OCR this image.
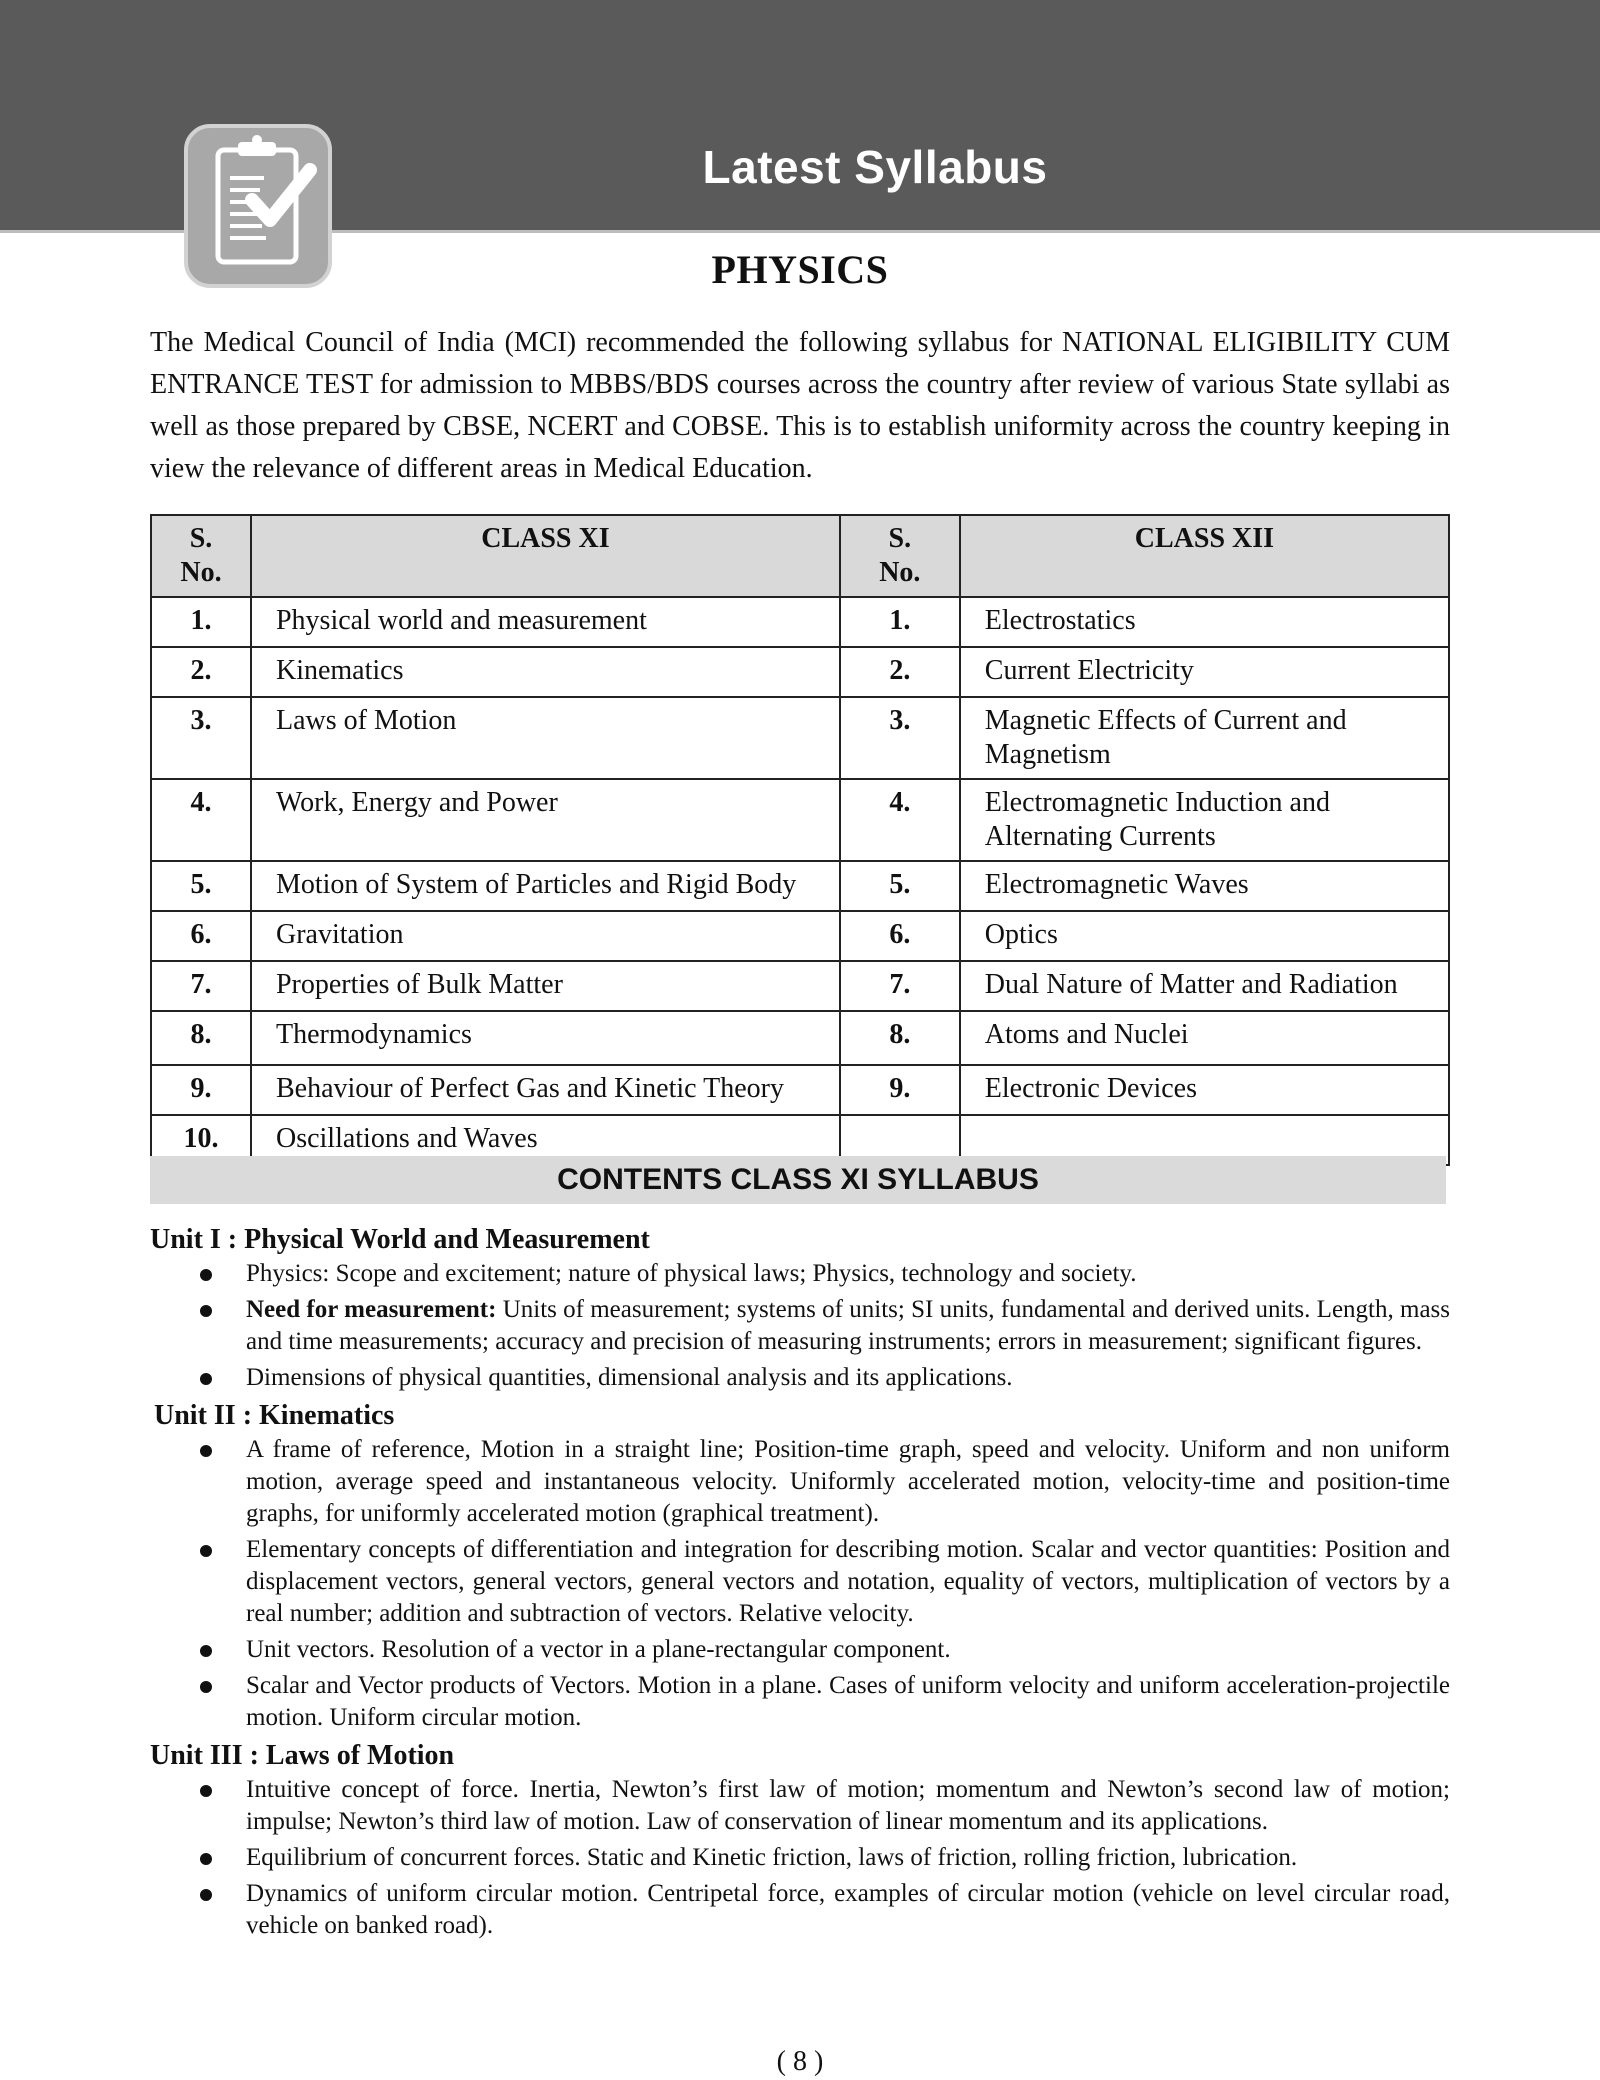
Latest Syllabus
PHYSICS

The Medical Council of India (MCI) recommended the following syllabus for NATIONAL ELIGIBILITY CUM ENTRANCE TEST for admission to MBBS/BDS courses across the country after review of various State syllabi as well as those prepared by CBSE, NCERT and COBSE. This is to establish uniformity across the country keeping in view the relevance of different areas in Medical Education.

S. No.	CLASS XI	S. No.	CLASS XII
1.	Physical world and measurement	1.	Electrostatics
2.	Kinematics	2.	Current Electricity
3.	Laws of Motion	3.	Magnetic Effects of Current and Magnetism
4.	Work, Energy and Power	4.	Electromagnetic Induction and Alternating Currents
5.	Motion of System of Particles and Rigid Body	5.	Electromagnetic Waves
6.	Gravitation	6.	Optics
7.	Properties of Bulk Matter	7.	Dual Nature of Matter and Radiation
8.	Thermodynamics	8.	Atoms and Nuclei
9.	Behaviour of Perfect Gas and Kinetic Theory	9.	Electronic Devices
10.	Oscillations and Waves		
CONTENTS CLASS XI SYLLABUS
Unit I : Physical World and Measurement
Physics: Scope and excitement; nature of physical laws; Physics, technology and society.
Need for measurement: Units of measurement; systems of units; SI units, fundamental and derived units. Length, mass and time measurements; accuracy and precision of measuring instruments; errors in measurement; significant figures.
Dimensions of physical quantities, dimensional analysis and its applications.
Unit II : Kinematics
A frame of reference, Motion in a straight line; Position-time graph, speed and velocity. Uniform and non uniform motion, average speed and instantaneous velocity. Uniformly accelerated motion, velocity-time and position-time graphs, for uniformly accelerated motion (graphical treatment).
Elementary concepts of differentiation and integration for describing motion. Scalar and vector quantities: Position and displacement vectors, general vectors, general vectors and notation, equality of vectors, multiplication of vectors by a real number; addition and subtraction of vectors. Relative velocity.
Unit vectors. Resolution of a vector in a plane-rectangular component.
Scalar and Vector products of Vectors. Motion in a plane. Cases of uniform velocity and uniform acceleration-projectile motion. Uniform circular motion.
Unit III : Laws of Motion
Intuitive concept of force. Inertia, Newton’s first law of motion; momentum and Newton’s second law of motion; impulse; Newton’s third law of motion. Law of conservation of linear momentum and its applications.
Equilibrium of concurrent forces. Static and Kinetic friction, laws of friction, rolling friction, lubrication.
Dynamics of uniform circular motion. Centripetal force, examples of circular motion (vehicle on level circular road, vehicle on banked road).
( 8 )
